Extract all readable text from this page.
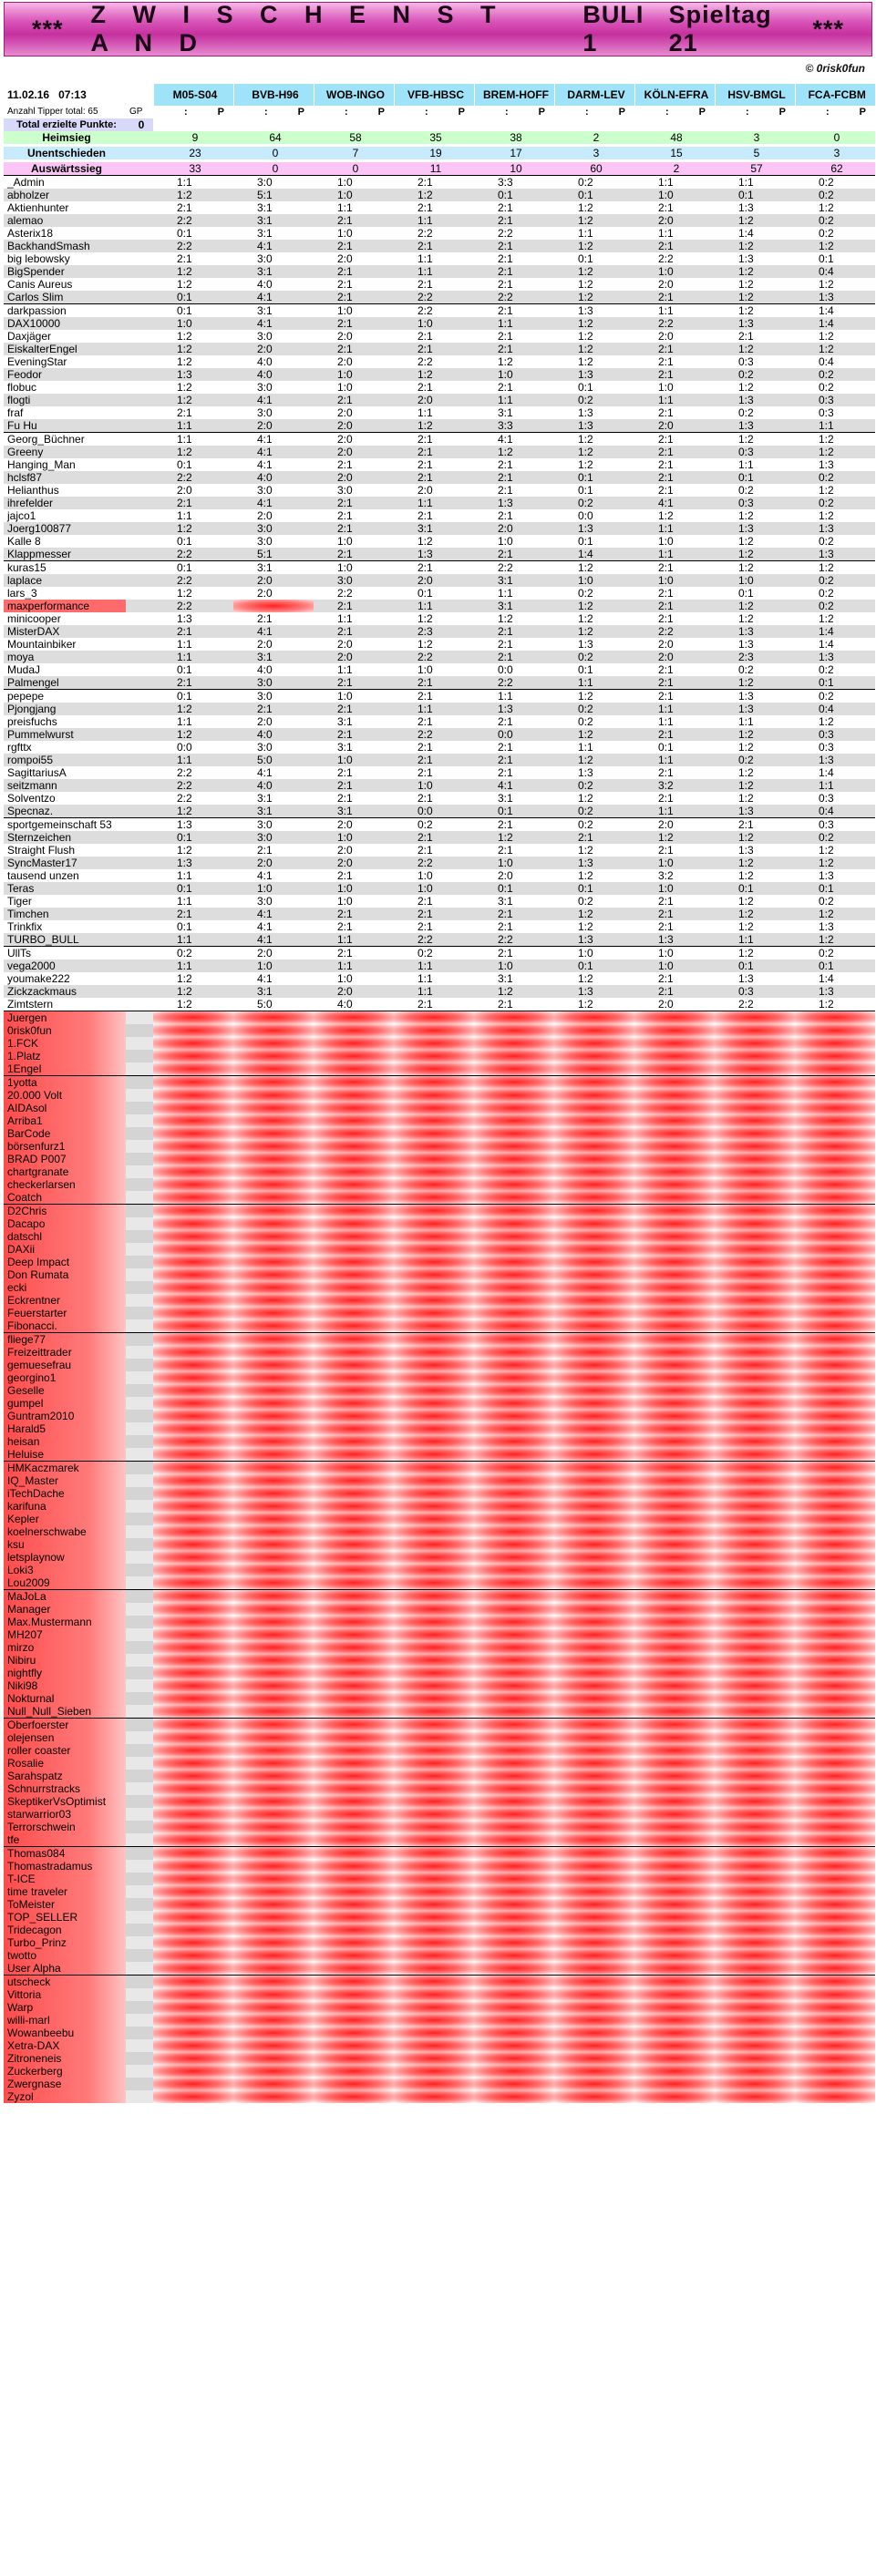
***
Z W I S C H E N S T A N D
BULI 1
Spieltag 21
***
© 0risk0fun
11.02.16 07:13		M05-S04	BVB-H96	WOB-INGO	VFB-HBSC	BREM-HOFF	DARM-LEV	KÖLN-EFRA	HSV-BMGL	FCA-FCBM
Anzahl Tipper total: 65	GP	: P	: P	: P	: P	: P	: P	: P	: P	: P

Total erzielte Punkte:	0									

Heimsieg		9	64	58	35	38	2	48	3	0

Unentschieden		23	0	7	19	17	3	15	5	3

Auswärtssieg		33	0	0	11	10	60	2	57	62

_Admin		1:1	3:0	1:0	2:1	3:3	0:2	1:1	1:1	0:2
abholzer		1:2	5:1	1:0	1:2	0:1	0:1	1:0	0:1	0:2
Aktienhunter		2:1	3:1	1:1	2:1	2:1	1:2	2:1	1:3	1:2
alemao		2:2	3:1	2:1	1:1	2:1	1:2	2:0	1:2	0:2
Asterix18		0:1	3:1	1:0	2:2	2:2	1:1	1:1	1:4	0:2
BackhandSmash		2:2	4:1	2:1	2:1	2:1	1:2	2:1	1:2	1:2
big lebowsky		2:1	3:0	2:0	1:1	2:1	0:1	2:2	1:3	0:1
BigSpender		1:2	3:1	2:1	1:1	2:1	1:2	1:0	1:2	0:4
Canis Aureus		1:2	4:0	2:1	2:1	2:1	1:2	2:0	1:2	1:2
Carlos Slim		0:1	4:1	2:1	2:2	2:2	1:2	2:1	1:2	1:3
darkpassion		0:1	3:1	1:0	2:2	2:1	1:3	1:1	1:2	1:4
DAX10000		1:0	4:1	2:1	1:0	1:1	1:2	2:2	1:3	1:4
Daxjäger		1:2	3:0	2:0	2:1	2:1	1:2	2:0	2:1	1:2
EiskalterEngel		1:2	2:0	2:1	2:1	2:1	1:2	2:1	1:2	1:2
EveningStar		1:2	4:0	2:0	2:2	1:2	1:2	2:1	0:3	0:4
Feodor		1:3	4:0	1:0	1:2	1:0	1:3	2:1	0:2	0:2
flobuc		1:2	3:0	1:0	2:1	2:1	0:1	1:0	1:2	0:2
flogti		1:2	4:1	2:1	2:0	1:1	0:2	1:1	1:3	0:3
fraf		2:1	3:0	2:0	1:1	3:1	1:3	2:1	0:2	0:3
Fu Hu		1:1	2:0	2:0	1:2	3:3	1:3	2:0	1:3	1:1
Georg_Büchner		1:1	4:1	2:0	2:1	4:1	1:2	2:1	1:2	1:2
Greeny		1:2	4:1	2:0	2:1	1:2	1:2	2:1	0:3	1:2
Hanging_Man		0:1	4:1	2:1	2:1	2:1	1:2	2:1	1:1	1:3
hclsf87		2:2	4:0	2:0	2:1	2:1	0:1	2:1	0:1	0:2
Helianthus		2:0	3:0	3:0	2:0	2:1	0:1	2:1	0:2	1:2
ihrefelder		2:1	4:1	2:1	1:1	1:3	0:2	4:1	0:3	0:2
jajco1		1:1	2:0	2:1	2:1	2:1	0:0	1:2	1:2	1:2
Joerg100877		1:2	3:0	2:1	3:1	2:0	1:3	1:1	1:3	1:3
Kalle 8		0:1	3:0	1:0	1:2	1:0	0:1	1:0	1:2	0:2
Klappmesser		2:2	5:1	2:1	1:3	2:1	1:4	1:1	1:2	1:3
kuras15		0:1	3:1	1:0	2:1	2:2	1:2	2:1	1:2	1:2
laplace		2:2	2:0	3:0	2:0	3:1	1:0	1:0	1:0	0:2
lars_3		1:2	2:0	2:2	0:1	1:1	0:2	2:1	0:1	0:2
maxperformance		2:2		2:1	1:1	3:1	1:2	2:1	1:2	0:2
minicooper		1:3	2:1	1:1	1:2	1:2	1:2	2:1	1:2	1:2
MisterDAX		2:1	4:1	2:1	2:3	2:1	1:2	2:2	1:3	1:4
Mountainbiker		1:1	2:0	2:0	1:2	2:1	1:3	2:0	1:3	1:4
moya		1:1	3:1	2:0	2:2	2:1	0:2	2:0	2:3	1:3
MudaJ		0:1	4:0	1:1	1:0	0:0	0:1	2:1	0:2	0:2
Palmengel		2:1	3:0	2:1	2:1	2:2	1:1	2:1	1:2	0:1
pepepe		0:1	3:0	1:0	2:1	1:1	1:2	2:1	1:3	0:2
Pjongjang		1:2	2:1	2:1	1:1	1:3	0:2	1:1	1:3	0:4
preisfuchs		1:1	2:0	3:1	2:1	2:1	0:2	1:1	1:1	1:2
Pummelwurst		1:2	4:0	2:1	2:2	0:0	1:2	2:1	1:2	0:3
rgfttx		0:0	3:0	3:1	2:1	2:1	1:1	0:1	1:2	0:3
rompoi55		1:1	5:0	1:0	2:1	2:1	1:2	1:1	0:2	1:3
SagittariusA		2:2	4:1	2:1	2:1	2:1	1:3	2:1	1:2	1:4
seitzmann		2:2	4:0	2:1	1:0	4:1	0:2	3:2	1:2	1:1
Solventzo		2:2	3:1	2:1	2:1	3:1	1:2	2:1	1:2	0:3
Specnaz.		1:2	3:1	3:1	0:0	0:1	0:2	1:1	1:3	0:4
sportgemeinschaft 53		1:3	3:0	2:0	0:2	2:1	0:2	2:0	2:1	0:3
Sternzeichen		0:1	3:0	1:0	2:1	1:2	2:1	1:2	1:2	0:2
Straight Flush		1:2	2:1	2:0	2:1	2:1	1:2	2:1	1:3	1:2
SyncMaster17		1:3	2:0	2:0	2:2	1:0	1:3	1:0	1:2	1:2
tausend unzen		1:1	4:1	2:1	1:0	2:0	1:2	3:2	1:2	1:3
Teras		0:1	1:0	1:0	1:0	0:1	0:1	1:0	0:1	0:1
Tiger		1:1	3:0	1:0	2:1	3:1	0:2	2:1	1:2	0:2
Timchen		2:1	4:1	2:1	2:1	2:1	1:2	2:1	1:2	1:2
Trinkfix		0:1	4:1	2:1	2:1	2:1	1:2	2:1	1:2	1:3
TURBO_BULL		1:1	4:1	1:1	2:2	2:2	1:3	1:3	1:1	1:2
UllTs		0:2	2:0	2:1	0:2	2:1	1:0	1:0	1:2	0:2
vega2000		1:1	1:0	1:1	1:1	1:0	0:1	1:0	0:1	0:1
youmake222		1:2	4:1	1:0	1:1	3:1	1:2	2:1	1:3	1:4
Zickzackmaus		1:2	3:1	2:0	1:1	1:2	1:3	2:1	0:3	1:3
Zimtstern		1:2	5:0	4:0	2:1	2:1	1:2	2:0	2:2	1:2
Juergen										
0risk0fun										
1.FCK										
1.Platz										
1Engel										
1yotta										
20.000 Volt										
AIDAsol										
Arriba1										
BarCode										
börsenfurz1										
BRAD P007										
chartgranate										
checkerlarsen										
Coatch										
D2Chris										
Dacapo										
datschl										
DAXii										
Deep Impact										
Don Rumata										
ecki										
Eckrentner										
Feuerstarter										
Fibonacci.										
fliege77										
Freizeittrader										
gemuesefrau										
georgino1										
Geselle										
gumpel										
Guntram2010										
Harald5										
heisan										
Heluise										
HMKaczmarek										
IQ_Master										
iTechDache										
karifuna										
Kepler										
koelnerschwabe										
ksu										
letsplaynow										
Loki3										
Lou2009										
MaJoLa										
Manager										
Max.Mustermann										
MH207										
mirzo										
Nibiru										
nightfly										
Niki98										
Nokturnal										
Null_Null_Sieben										
Oberfoerster										
olejensen										
roller coaster										
Rosalie										
Sarahspatz										
Schnurrstracks										
SkeptikerVsOptimist										
starwarrior03										
Terrorschwein										
tfe										
Thomas084										
Thomastradamus										
T-ICE										
time traveler										
ToMeister										
TOP_SELLER										
Tridecagon										
Turbo_Prinz										
twotto										
User Alpha										
utscheck										
Vittoria										
Warp										
willi-marl										
Wowanbeebu										
Xetra-DAX										
Zitroneneis										
Zuckerberg										
Zwergnase										
Zyzol										
